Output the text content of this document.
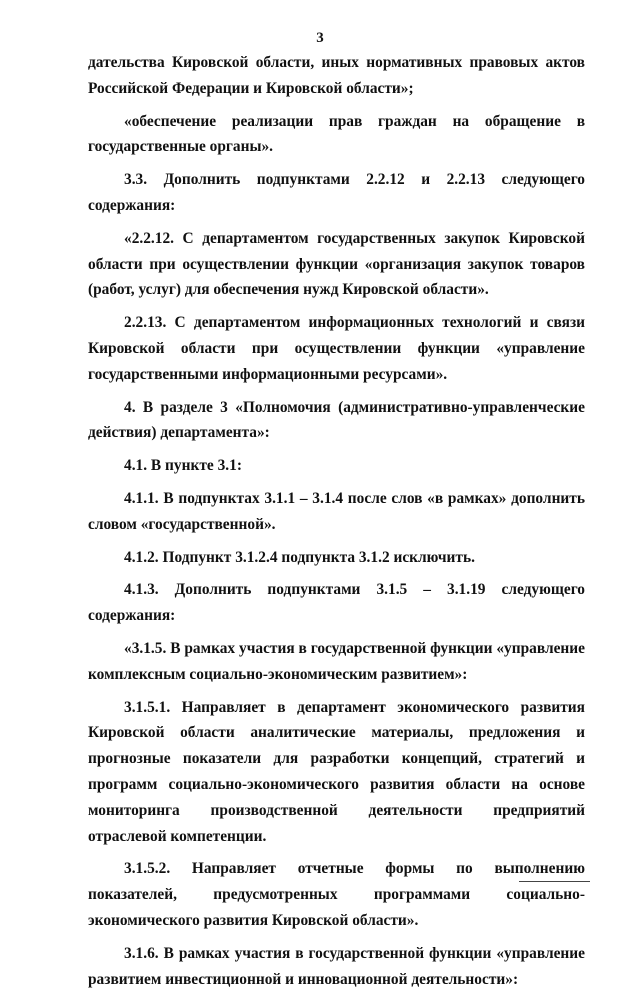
3

дательства Кировской области, иных нормативных правовых актов Российской Федерации и Кировской области»;

«обеспечение реализации прав граждан на обращение в государственные органы».

3.3. Дополнить подпунктами 2.2.12 и 2.2.13 следующего содержания:

«2.2.12. С департаментом государственных закупок Кировской области при осуществлении функции «организация закупок товаров (работ, услуг) для обеспечения нужд Кировской области».

2.2.13. С департаментом информационных технологий и связи Кировской области при осуществлении функции «управление государственными информационными ресурсами».

4. В разделе 3 «Полномочия (административно-управленческие действия) департамента»:

4.1. В пункте 3.1:

4.1.1. В подпунктах 3.1.1 – 3.1.4 после слов «в рамках» дополнить словом «государственной».

4.1.2. Подпункт 3.1.2.4 подпункта 3.1.2 исключить.

4.1.3. Дополнить подпунктами 3.1.5 – 3.1.19 следующего содержания:

«3.1.5. В рамках участия в государственной функции «управление комплексным социально-экономическим развитием»:

3.1.5.1. Направляет в департамент экономического развития Кировской области аналитические материалы, предложения и прогнозные показатели для разработки концепций, стратегий и программ социально-экономического развития области на основе мониторинга производственной деятельности предприятий отраслевой компетенции.

3.1.5.2. Направляет отчетные формы по выполнению показателей, предусмотренных программами социально-экономического развития Кировской области».

3.1.6. В рамках участия в государственной функции «управление развитием инвестиционной и инновационной деятельности»:
